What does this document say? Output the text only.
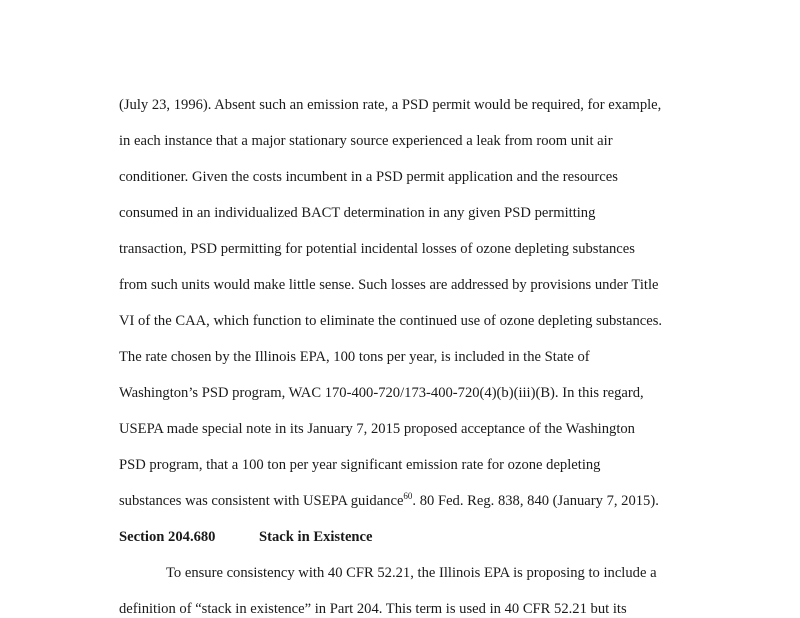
(July 23, 1996). Absent such an emission rate, a PSD permit would be required, for example,
in each instance that a major stationary source experienced a leak from room unit air
conditioner. Given the costs incumbent in a PSD permit application and the resources
consumed in an individualized BACT determination in any given PSD permitting
transaction, PSD permitting for potential incidental losses of ozone depleting substances
from such units would make little sense. Such losses are addressed by provisions under Title
VI of the CAA, which function to eliminate the continued use of ozone depleting substances.
The rate chosen by the Illinois EPA, 100 tons per year, is included in the State of
Washington’s PSD program, WAC 170-400-720/173-400-720(4)(b)(iii)(B). In this regard,
USEPA made special note in its January 7, 2015 proposed acceptance of the Washington
PSD program, that a 100 ton per year significant emission rate for ozone depleting
substances was consistent with USEPA guidance$^{60}$. 80 Fed. Reg. 838, 840 (January 7, 2015).
Section 204.680	Stack in Existence
To ensure consistency with 40 CFR 52.21, the Illinois EPA is proposing to include a
definition of “stack in existence” in Part 204. This term is used in 40 CFR 52.21 but its
